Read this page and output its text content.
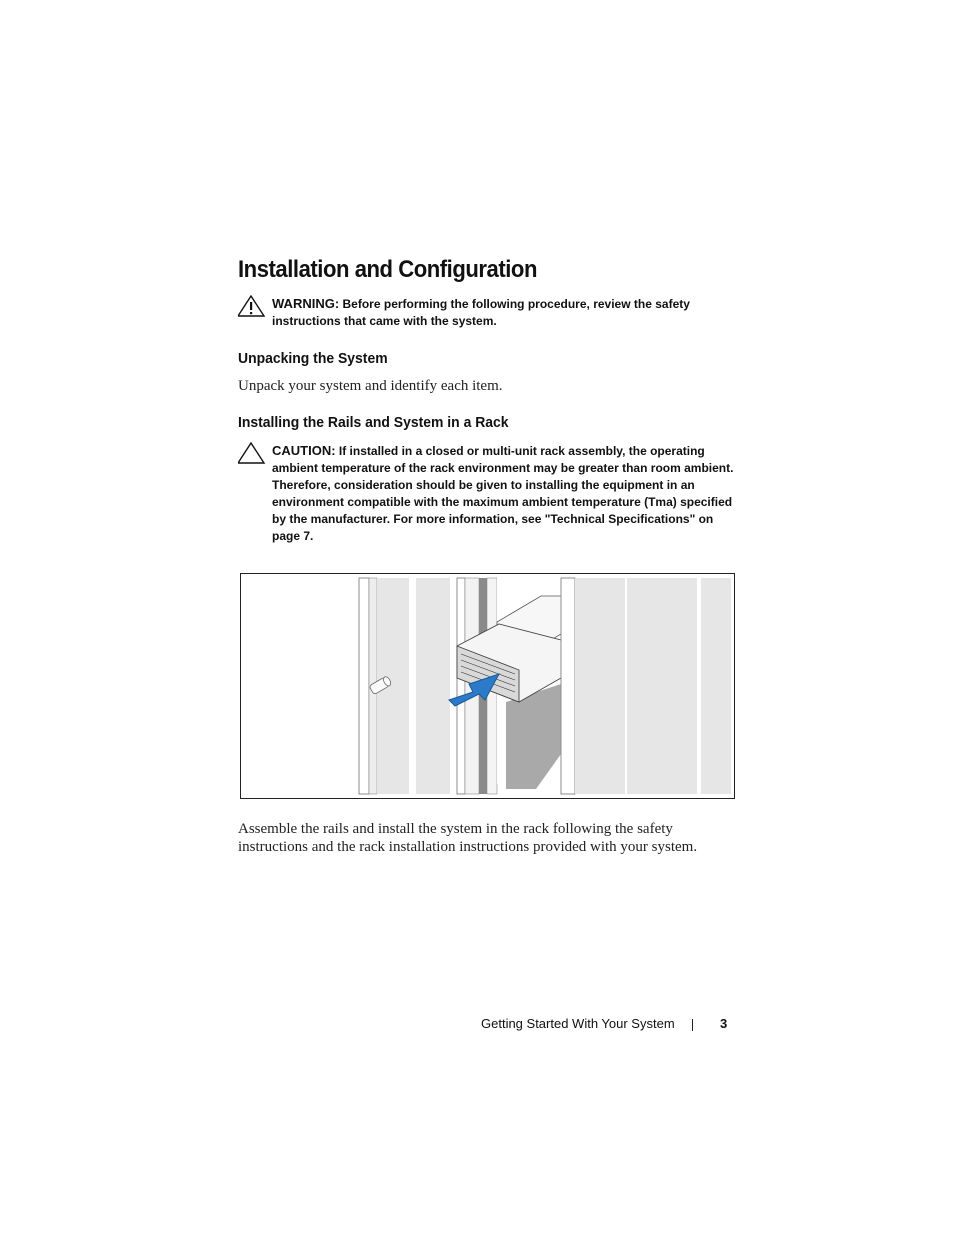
Installation and Configuration

WARNING: Before performing the following procedure, review the safety instructions that came with the system.

Unpacking the System

Unpack your system and identify each item.

Installing the Rails and System in a Rack

CAUTION: If installed in a closed or multi-unit rack assembly, the operating ambient temperature of the rack environment may be greater than room ambient. Therefore, consideration should be given to installing the equipment in an environment compatible with the maximum ambient temperature (Tma) specified by the manufacturer. For more information, see "Technical Specifications" on page 7.

Assemble the rails and install the system in the rack following the safety instructions and the rack installation instructions provided with your system.

Getting Started With Your System	3
